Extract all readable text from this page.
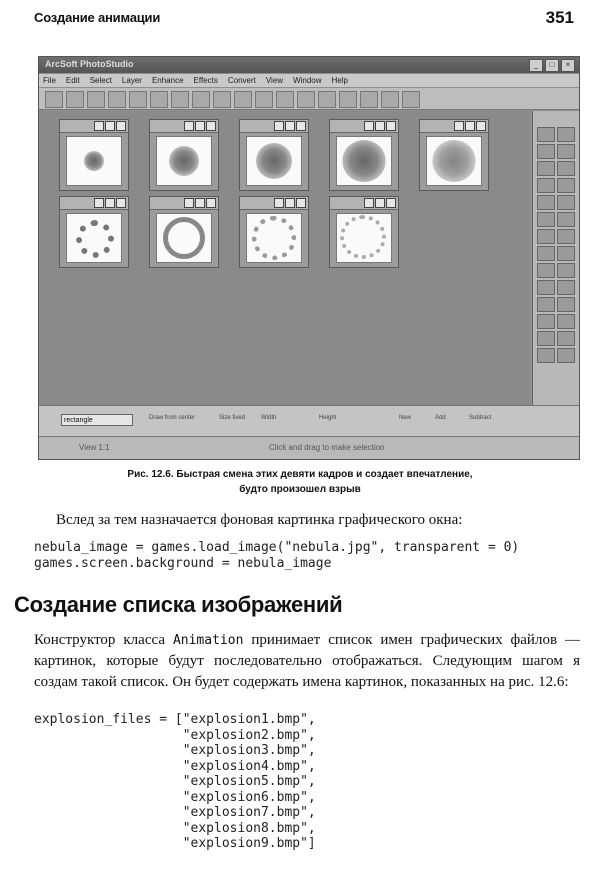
Создание анимации	351
ArcSoft PhotoStudio	_	□	×
File Edit Select Layer Enhance Effects Convert View Window Help
rectangle	Draw from center	Size fixed	Width	Height	New	Add	Subtract
View 1:1	Click and drag to make selection
Рис. 12.6. Быстрая смена этих девяти кадров и создает впечатление,
будто произошел взрыв
Вслед за тем назначается фоновая картинка графического окна:
nebula_image = games.load_image("nebula.jpg", transparent = 0)
games.screen.background = nebula_image
Создание списка изображений
Конструктор класса Animation принимает список имен графических файлов — картинок, которые будут последовательно отображаться. Следующим шагом я создам такой список. Он будет содержать имена картинок, показанных на рис. 12.6:
explosion_files = ["explosion1.bmp",
"explosion2.bmp",
"explosion3.bmp",
"explosion4.bmp",
"explosion5.bmp",
"explosion6.bmp",
"explosion7.bmp",
"explosion8.bmp",
"explosion9.bmp"]
